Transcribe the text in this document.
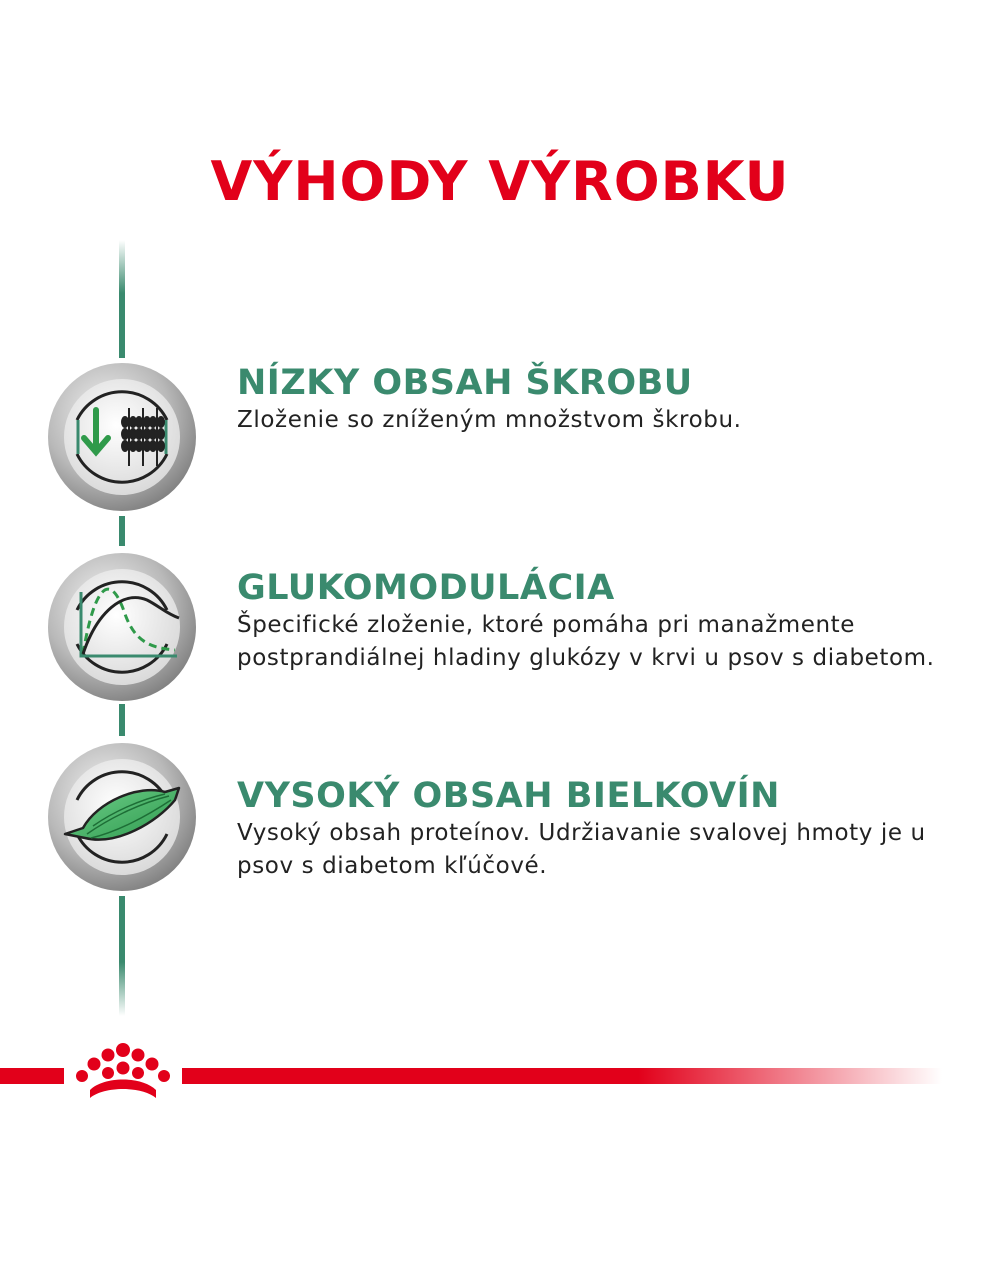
VÝHODY VÝROBKU
NÍZKY OBSAH ŠKROBU

Zloženie so zníženým množstvom škrobu.

GLUKOMODULÁCIA

Špecifické zloženie, ktoré pomáha pri manažmente

postprandiálnej hladiny glukózy v krvi u psov s diabetom.

VYSOKÝ OBSAH BIELKOVÍN

Vysoký obsah proteínov. Udržiavanie svalovej hmoty je u

psov s diabetom kľúčové.
